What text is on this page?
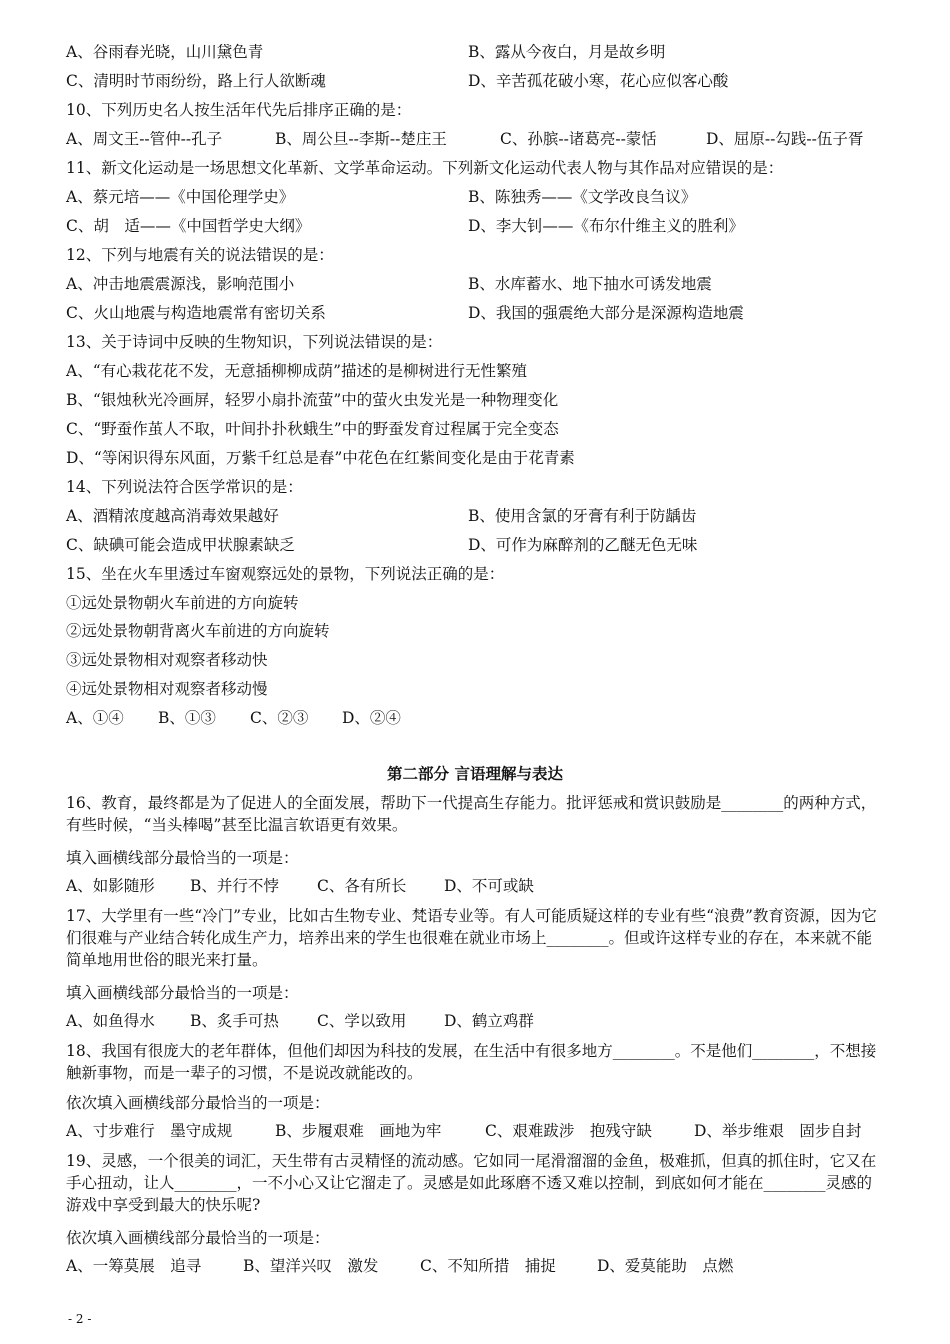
A、谷雨春光晓，山川黛色青	B、露从今夜白，月是故乡明
C、清明时节雨纷纷，路上行人欲断魂	D、辛苦孤花破小寒，花心应似客心酸
10、下列历史名人按生活年代先后排序正确的是：
A、周文王--管仲--孔子	B、周公旦--李斯--楚庄王	C、孙膑--诸葛亮--蒙恬	D、屈原--勾践--伍子胥
11、新文化运动是一场思想文化革新、文学革命运动。下列新文化运动代表人物与其作品对应错误的是：
A、蔡元培——《中国伦理学史》	B、陈独秀——《文学改良刍议》
C、胡　适——《中国哲学史大纲》	D、李大钊——《布尔什维主义的胜利》
12、下列与地震有关的说法错误的是：
A、冲击地震震源浅，影响范围小	B、水库蓄水、地下抽水可诱发地震
C、火山地震与构造地震常有密切关系	D、我国的强震绝大部分是深源构造地震
13、关于诗词中反映的生物知识，下列说法错误的是：
A、“有心栽花花不发，无意插柳柳成荫”描述的是柳树进行无性繁殖
B、“银烛秋光冷画屏，轻罗小扇扑流萤”中的萤火虫发光是一种物理变化
C、“野蚕作茧人不取，叶间扑扑秋蛾生”中的野蚕发育过程属于完全变态
D、“等闲识得东风面，万紫千红总是春”中花色在红紫间变化是由于花青素
14、下列说法符合医学常识的是：
A、酒精浓度越高消毒效果越好	B、使用含氯的牙膏有利于防龋齿
C、缺碘可能会造成甲状腺素缺乏	D、可作为麻醉剂的乙醚无色无味
15、坐在火车里透过车窗观察远处的景物，下列说法正确的是：
①远处景物朝火车前进的方向旋转
②远处景物朝背离火车前进的方向旋转
③远处景物相对观察者移动快
④远处景物相对观察者移动慢
A、①④ B、①③ C、②③ D、②④
第二部分 言语理解与表达
16、教育，最终都是为了促进人的全面发展，帮助下一代提高生存能力。批评惩戒和赏识鼓励是________的两种方式，有些时候，“当头棒喝”甚至比温言软语更有效果。
填入画横线部分最恰当的一项是：
A、如影随形 B、并行不悖 C、各有所长 D、不可或缺
17、大学里有一些“冷门”专业，比如古生物专业、梵语专业等。有人可能质疑这样的专业有些“浪费”教育资源，因为它们很难与产业结合转化成生产力，培养出来的学生也很难在就业市场上________。但或许这样专业的存在，本来就不能简单地用世俗的眼光来打量。
填入画横线部分最恰当的一项是：
A、如鱼得水 B、炙手可热 C、学以致用 D、鹤立鸡群
18、我国有很庞大的老年群体，但他们却因为科技的发展，在生活中有很多地方________。不是他们________，不想接触新事物，而是一辈子的习惯，不是说改就能改的。
依次填入画横线部分最恰当的一项是：
A、寸步难行　墨守成规	B、步履艰难　画地为牢	C、艰难跋涉　抱残守缺	D、举步维艰　固步自封
19、灵感，一个很美的词汇，天生带有古灵精怪的流动感。它如同一尾滑溜溜的金鱼，极难抓，但真的抓住时，它又在手心扭动，让人________，一不小心又让它溜走了。灵感是如此琢磨不透又难以控制，到底如何才能在________灵感的游戏中享受到最大的快乐呢?
依次填入画横线部分最恰当的一项是：
A、一筹莫展　追寻	B、望洋兴叹　激发	C、不知所措　捕捉	D、爱莫能助　点燃
- 2 -
